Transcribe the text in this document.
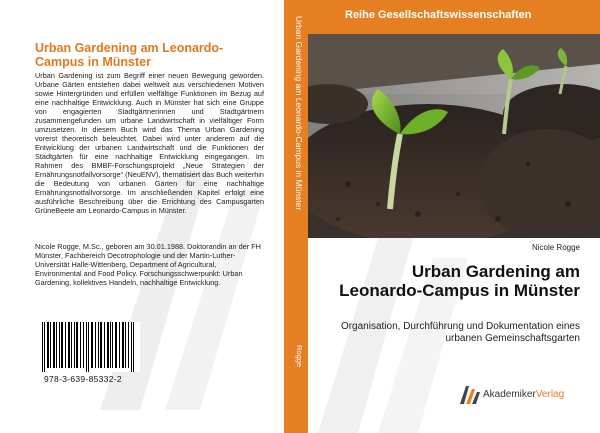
Urban Gardening am Leonardo-Campus in Münster

Urban Gardening ist zum Begriff einer neuen Bewegung geworden. Urbane Gärten entstehen dabei weltweit aus verschiedenen Motiven sowie Hintergründen und erfüllen vielfältige Funktionen im Bezug auf eine nachhaltige Entwicklung. Auch in Münster hat sich eine Gruppe von engagierten Stadtgärtnerinnen und Stadtgärtnern zusammengefunden um urbane Landwirtschaft in vielfältiger Form umzusetzen. In diesem Buch wird das Thema Urban Gardening vorerst theoretisch beleuchtet. Dabei wird unter anderem auf die Entwicklung der urbanen Landwirtschaft und die Funktionen der Stadtgärten für eine nachhaltige Entwicklung eingegangen. Im Rahmen des BMBF-Forschungsprojekt „Neue Strategien der Ernährungsnotfallvorsorge“ (NeuENV), thematisiert das Buch weiterhin die Bedeutung von urbanen Gärten für eine nachhaltige Ernährungsnotfallvorsorge. Im anschließenden Kapitel erfolgt eine ausführliche Beschreibung über die Errichtung des Campusgarten GrüneBeete am Leonardo-Campus in Münster.

Nicole Rogge, M.Sc., geboren am 30.01.1988. Doktorandin an der FH Münster, Fachbereich Oecotrophologie und der Martin-Luther-Universität Halle-Wittenberg, Department of Agricultural, Environmental and Food Policy. Forschungsschwerpunkt: Urban Gardening, kollektives Handeln, nachhaltige Entwicklung.

978-3-639-85332-2
Urban Gardening am Leonardo-Campus in Münster
Rogge
Reihe Gesellschaftswissenschaften
Nicole Rogge
Urban Gardening am Leonardo-Campus in Münster

Organisation, Durchführung und Dokumentation eines urbanen Gemeinschaftsgarten

AkademikerVerlag
